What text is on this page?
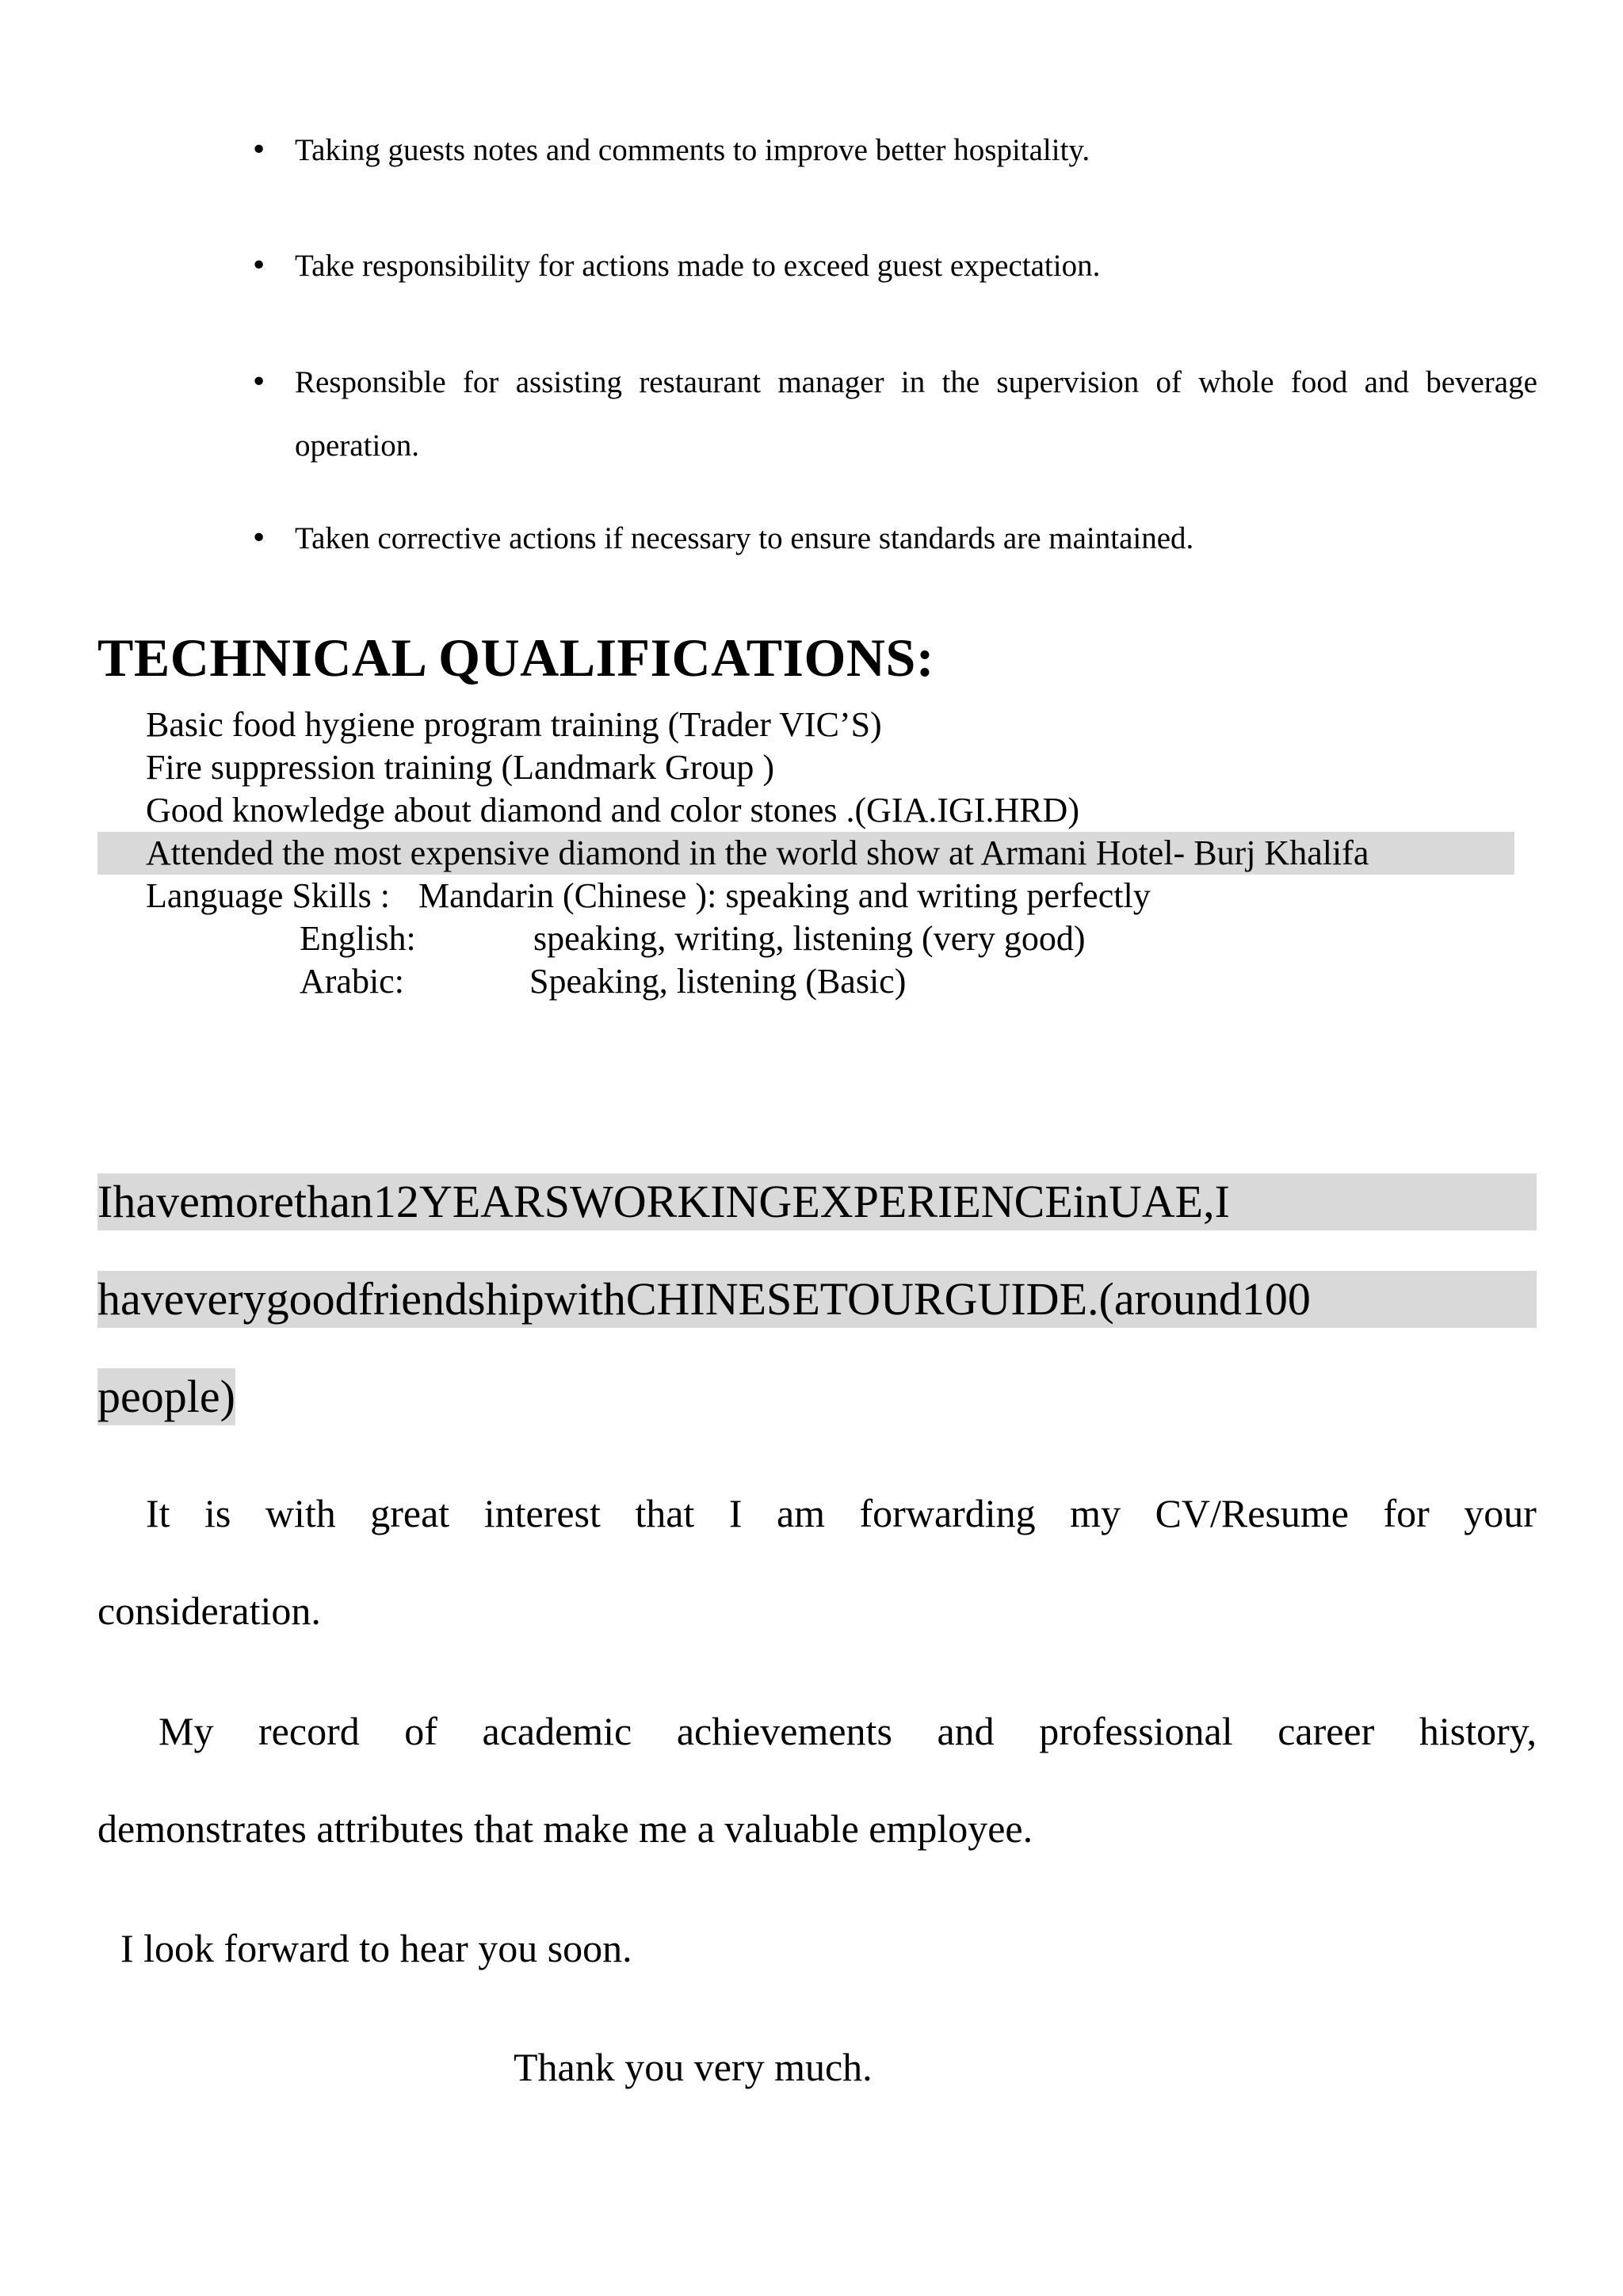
• Taking guests notes and comments to improve better hospitality.
• Take responsibility for actions made to exceed guest expectation.
• Responsible for assisting restaurant manager in the supervision of whole food and beverage
operation.
• Taken corrective actions if necessary to ensure standards are maintained.
TECHNICAL QUALIFICATIONS:
Basic food hygiene program training (Trader VIC’S)
Fire suppression training (Landmark Group )
Good knowledge about diamond and color stones .(GIA.IGI.HRD)
Attended the most expensive diamond in the world show at Armani Hotel- Burj Khalifa
Language Skills : Mandarin (Chinese ): speaking and writing perfectly
English:	speaking, writing, listening (very good)
Arabic:	Speaking, listening (Basic)
Ihavemorethan12YEARSWORKINGEXPERIENCEinUAE,I
haveverygoodfriendshipwithCHINESETOURGUIDE.(around100
people)
It is with great interest that I am forwarding my CV/Resume for your
consideration.
My record of academic achievements and professional career history,
demonstrates attributes that make me a valuable employee.
I look forward to hear you soon.
Thank you very much.
